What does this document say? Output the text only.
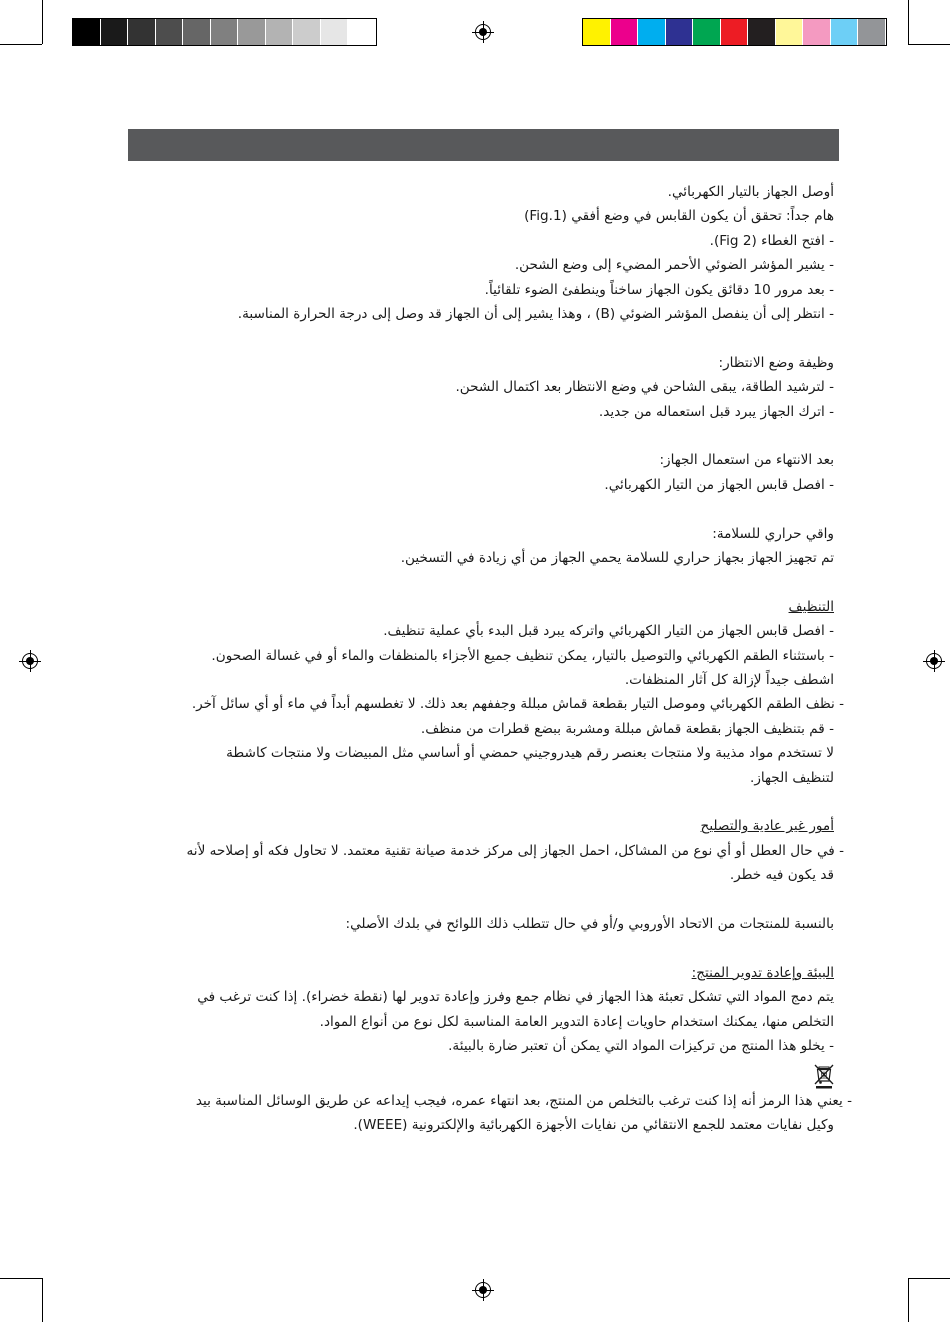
أوصل الجهاز بالتيار الكهربائي.

هام جداً: تحقق أن يكون القابس في وضع أفقي (Fig.1)

- افتح الغطاء (Fig 2).

- يشير المؤشر الضوئي الأحمر المضيء إلى وضع الشحن.

- بعد مرور 10 دقائق يكون الجهاز ساخناً وينطفئ الضوء تلقائياً.

- انتظر إلى أن ينفصل المؤشر الضوئي (B) ، وهذا يشير إلى أن الجهاز قد وصل إلى درجة الحرارة المناسبة.

وظيفة وضع الانتظار:

- لترشيد الطاقة، يبقى الشاحن في وضع الانتظار بعد اكتمال الشحن.

- اترك الجهاز يبرد قبل استعماله من جديد.

بعد الانتهاء من استعمال الجهاز:

- افصل قابس الجهاز من التيار الكهربائي.

واقي حراري للسلامة:

تم تجهيز الجهاز بجهاز حراري للسلامة يحمي الجهاز من أي زيادة في التسخين.

التنظيف

- افصل قابس الجهاز من التيار الكهربائي واتركه يبرد قبل البدء بأي عملية تنظيف.

- باستثناء الطقم الكهربائي والتوصيل بالتيار، يمكن تنظيف جميع الأجزاء بالمنظفات والماء أو في غسالة الصحون.

اشطف جيداً لإزالة كل آثار المنظفات.

- نظف الطقم الكهربائي وموصل التيار بقطعة قماش مبللة وجففهم بعد ذلك. لا تغطسهم أبداً في ماء أو أي سائل آخر.

- قم بتنظيف الجهاز بقطعة قماش مبللة ومشربة ببضع قطرات من منظف.

لا تستخدم مواد مذيبة ولا منتجات بعنصر رقم هيدروجيني حمضي أو أساسي مثل المبيضات ولا منتجات كاشطة

لتنظيف الجهاز.

أمور غير عادية والتصليح

- في حال العطل أو أي نوع من المشاكل، احمل الجهاز إلى مركز خدمة صيانة تقنية معتمد. لا تحاول فكه أو إصلاحه لأنه

قد يكون فيه خطر.

بالنسبة للمنتجات من الاتحاد الأوروبي و/أو في حال تتطلب ذلك اللوائح في بلدك الأصلي:

البيئة وإعادة تدوير المنتج:

يتم دمج المواد التي تشكل تعبئة هذا الجهاز في نظام جمع وفرز وإعادة تدوير لها (نقطة خضراء). إذا كنت ترغب في

التخلص منها، يمكنك استخدام حاويات إعادة التدوير العامة المناسبة لكل نوع من أنواع المواد.

- يخلو هذا المنتج من تركيزات المواد التي يمكن أن تعتبر ضارة بالبيئة.

- يعني هذا الرمز أنه إذا كنت ترغب بالتخلص من المنتج، بعد انتهاء عمره، فيجب إيداعه عن طريق الوسائل المناسبة بيد

وكيل نفايات معتمد للجمع الانتقائي من نفايات الأجهزة الكهربائية والإلكترونية (WEEE).
